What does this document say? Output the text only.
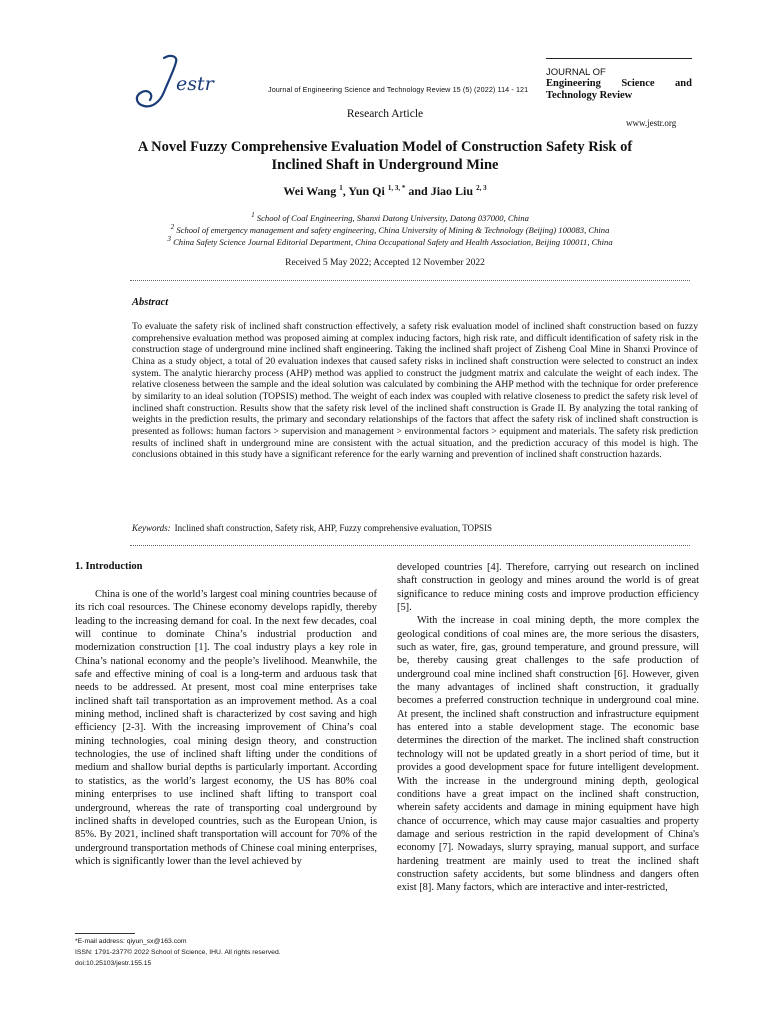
estr	Journal of Engineering Science and Technology Review 15 (5) (2022) 114 - 121
JOURNAL OF
Engineering Science and
Technology Review
www.jestr.org
Research Article
A Novel Fuzzy Comprehensive Evaluation Model of Construction Safety Risk of
Inclined Shaft in Underground Mine
Wei Wang $^1$, Yun Qi $^{1, 3, *}$ and Jiao Liu $^{2, 3}$
$^1$ School of Coal Engineering, Shanxi Datong University, Datong 037000, China
$^2$ School of emergency management and safety engineering, China University of Mining & Technology (Beijing) 100083, China
$^3$ China Safety Science Journal Editorial Department, China Occupational Safety and Health Association, Beijing 100011, China
Received 5 May 2022; Accepted 12 November 2022
Abstract
To evaluate the safety risk of inclined shaft construction effectively, a safety risk evaluation model of inclined shaft construction based on fuzzy comprehensive evaluation method was proposed aiming at complex inducing factors, high risk rate, and difficult identification of safety risk in the construction stage of underground mine inclined shaft engineering. Taking the inclined shaft project of Zisheng Coal Mine in Shanxi Province of China as a study object, a total of 20 evaluation indexes that caused safety risks in inclined shaft construction were selected to construct an index system. The analytic hierarchy process (AHP) method was applied to construct the judgment matrix and calculate the weight of each index. The relative closeness between the sample and the ideal solution was calculated by combining the AHP method with the technique for order preference by similarity to an ideal solution (TOPSIS) method. The weight of each index was coupled with relative closeness to predict the safety risk level of inclined shaft construction. Results show that the safety risk level of the inclined shaft construction is Grade II. By analyzing the total ranking of weights in the prediction results, the primary and secondary relationships of the factors that affect the safety risk of inclined shaft construction is presented as follows: human factors > supervision and management > environmental factors > equipment and materials. The safety risk prediction results of inclined shaft in underground mine are consistent with the actual situation, and the prediction accuracy of this model is high. The conclusions obtained in this study have a significant reference for the early warning and prevention of inclined shaft construction hazards.
Keywords: Inclined shaft construction, Safety risk, AHP, Fuzzy comprehensive evaluation, TOPSIS
1. Introduction

China is one of the world’s largest coal mining countries because of its rich coal resources. The Chinese economy develops rapidly, thereby leading to the increasing demand for coal. In the next few decades, coal will continue to dominate China’s industrial production and modernization construction [1]. The coal industry plays a key role in China’s national economy and the people’s livelihood. Meanwhile, the safe and effective mining of coal is a long-term and arduous task that needs to be addressed. At present, most coal mine enterprises take inclined shaft tail transportation as an improvement method. As a coal mining method, inclined shaft is characterized by cost saving and high efficiency [2-3]. With the increasing improvement of China’s coal mining technologies, coal mining design theory, and construction technologies, the use of inclined shaft lifting under the conditions of medium and shallow burial depths is particularly important. According to statistics, as the world’s largest economy, the US has 80% coal mining enterprises to use inclined shaft lifting to transport coal underground, whereas the rate of transporting coal underground by inclined shafts in developed countries, such as the European Union, is 85%. By 2021, inclined shaft transportation will account for 70% of the underground transportation methods of Chinese coal mining enterprises, which is significantly lower than the level achieved by

developed countries [4]. Therefore, carrying out research on inclined shaft construction in geology and mines around the world is of great significance to reduce mining costs and improve production efficiency [5].

With the increase in coal mining depth, the more complex the geological conditions of coal mines are, the more serious the disasters, such as water, fire, gas, ground temperature, and ground pressure, will be, thereby causing great challenges to the safe production of underground coal mine inclined shaft construction [6]. However, given the many advantages of inclined shaft construction, it gradually becomes a preferred construction technique in underground coal mine. At present, the inclined shaft construction and infrastructure equipment has entered into a stable development stage. The economic base determines the direction of the market. The inclined shaft construction technology will not be updated greatly in a short period of time, but it provides a good development space for future intelligent development. With the increase in the underground mining depth, geological conditions have a great impact on the inclined shaft construction, wherein safety accidents and damage in mining equipment have high chance of occurrence, which may cause major casualties and property damage and serious restriction in the rapid development of China's economy [7]. Nowadays, slurry spraying, manual support, and surface hardening treatment are mainly used to treat the inclined shaft construction safety accidents, but some blindness and dangers often exist [8]. Many factors, which are interactive and inter-restricted,

*E-mail address: qiyun_sx@163.com
ISSN: 1791-2377© 2022 School of Science, IHU. All rights reserved.
doi:10.25103/jestr.155.15
